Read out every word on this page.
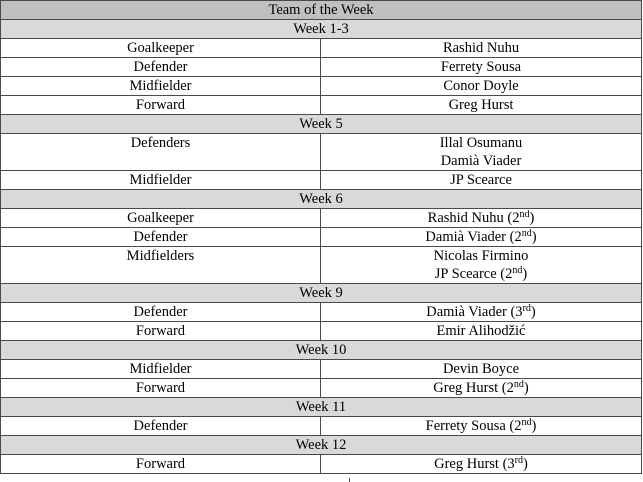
Team of the Week	
Week 1-3	
Goalkeeper	Rashid Nuhu

Defender	Ferrety Sousa

Midfielder	Conor Doyle

Forward	Greg Hurst

Week 5	
Defenders	Illal Osumanu
Damià Viader

Midfielder	JP Scearce

Week 6	
Goalkeeper	Rashid Nuhu (2nd)

Defender	Damià Viader (2nd)

Midfielders	Nicolas Firmino
JP Scearce (2nd)

Week 9	
Defender	Damià Viader (3rd)

Forward	Emir Alihodžić

Week 10	
Midfielder	Devin Boyce

Forward	Greg Hurst (2nd)

Week 11	
Defender	Ferrety Sousa (2nd)

Week 12	
Forward	Greg Hurst (3rd)
